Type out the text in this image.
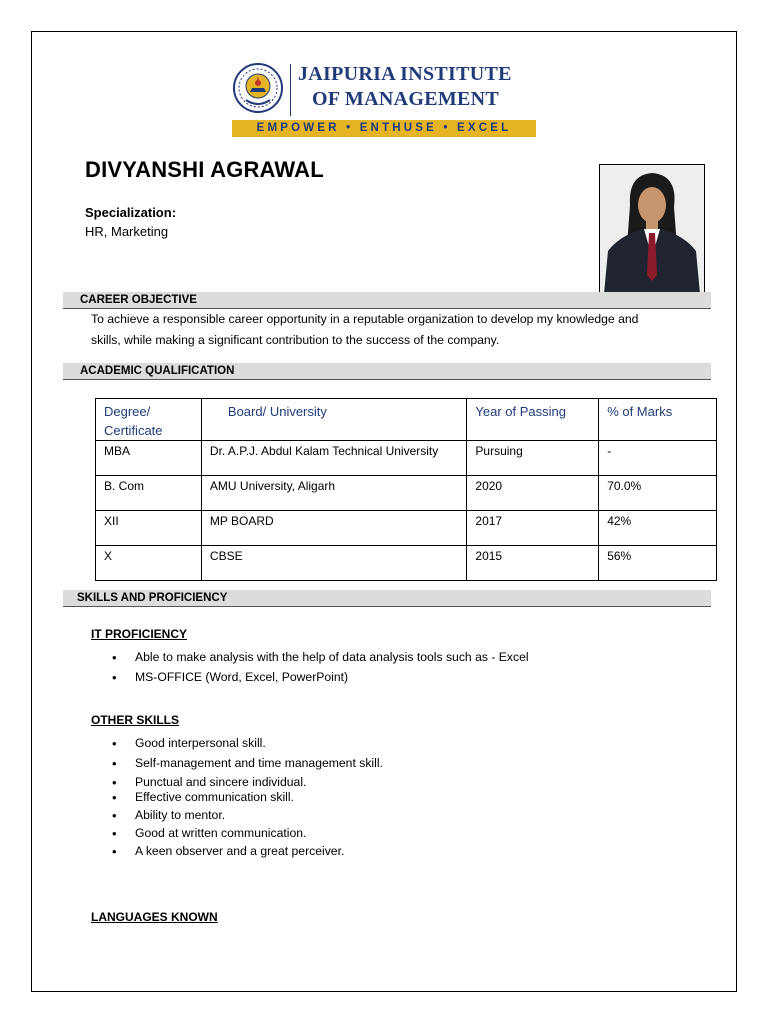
JAIPURIA INSTITUTE
OF MANAGEMENT
EMPOWER • ENTHUSE • EXCEL
DIVYANSHI AGRAWAL
Specialization:
HR, Marketing
CAREER OBJECTIVE
To achieve a responsible career opportunity in a reputable organization to develop my knowledge and
skills, while making a significant contribution to the success of the company.
ACADEMIC QUALIFICATION
Degree/ Certificate	Board/ University	Year of Passing	% of Marks
MBA	Dr. A.P.J. Abdul Kalam Technical University	Pursuing	-
B. Com	AMU University, Aligarh	2020	70.0%
XII	MP BOARD	2017	42%
X	CBSE	2015	56%
SKILLS AND PROFICIENCY
IT PROFICIENCY
• Able to make analysis with the help of data analysis tools such as - Excel
• MS-OFFICE (Word, Excel, PowerPoint)
OTHER SKILLS
• Good interpersonal skill.
• Self-management and time management skill.
• Punctual and sincere individual.
• Effective communication skill.
• Ability to mentor.
• Good at written communication.
• A keen observer and a great perceiver.
LANGUAGES KNOWN
